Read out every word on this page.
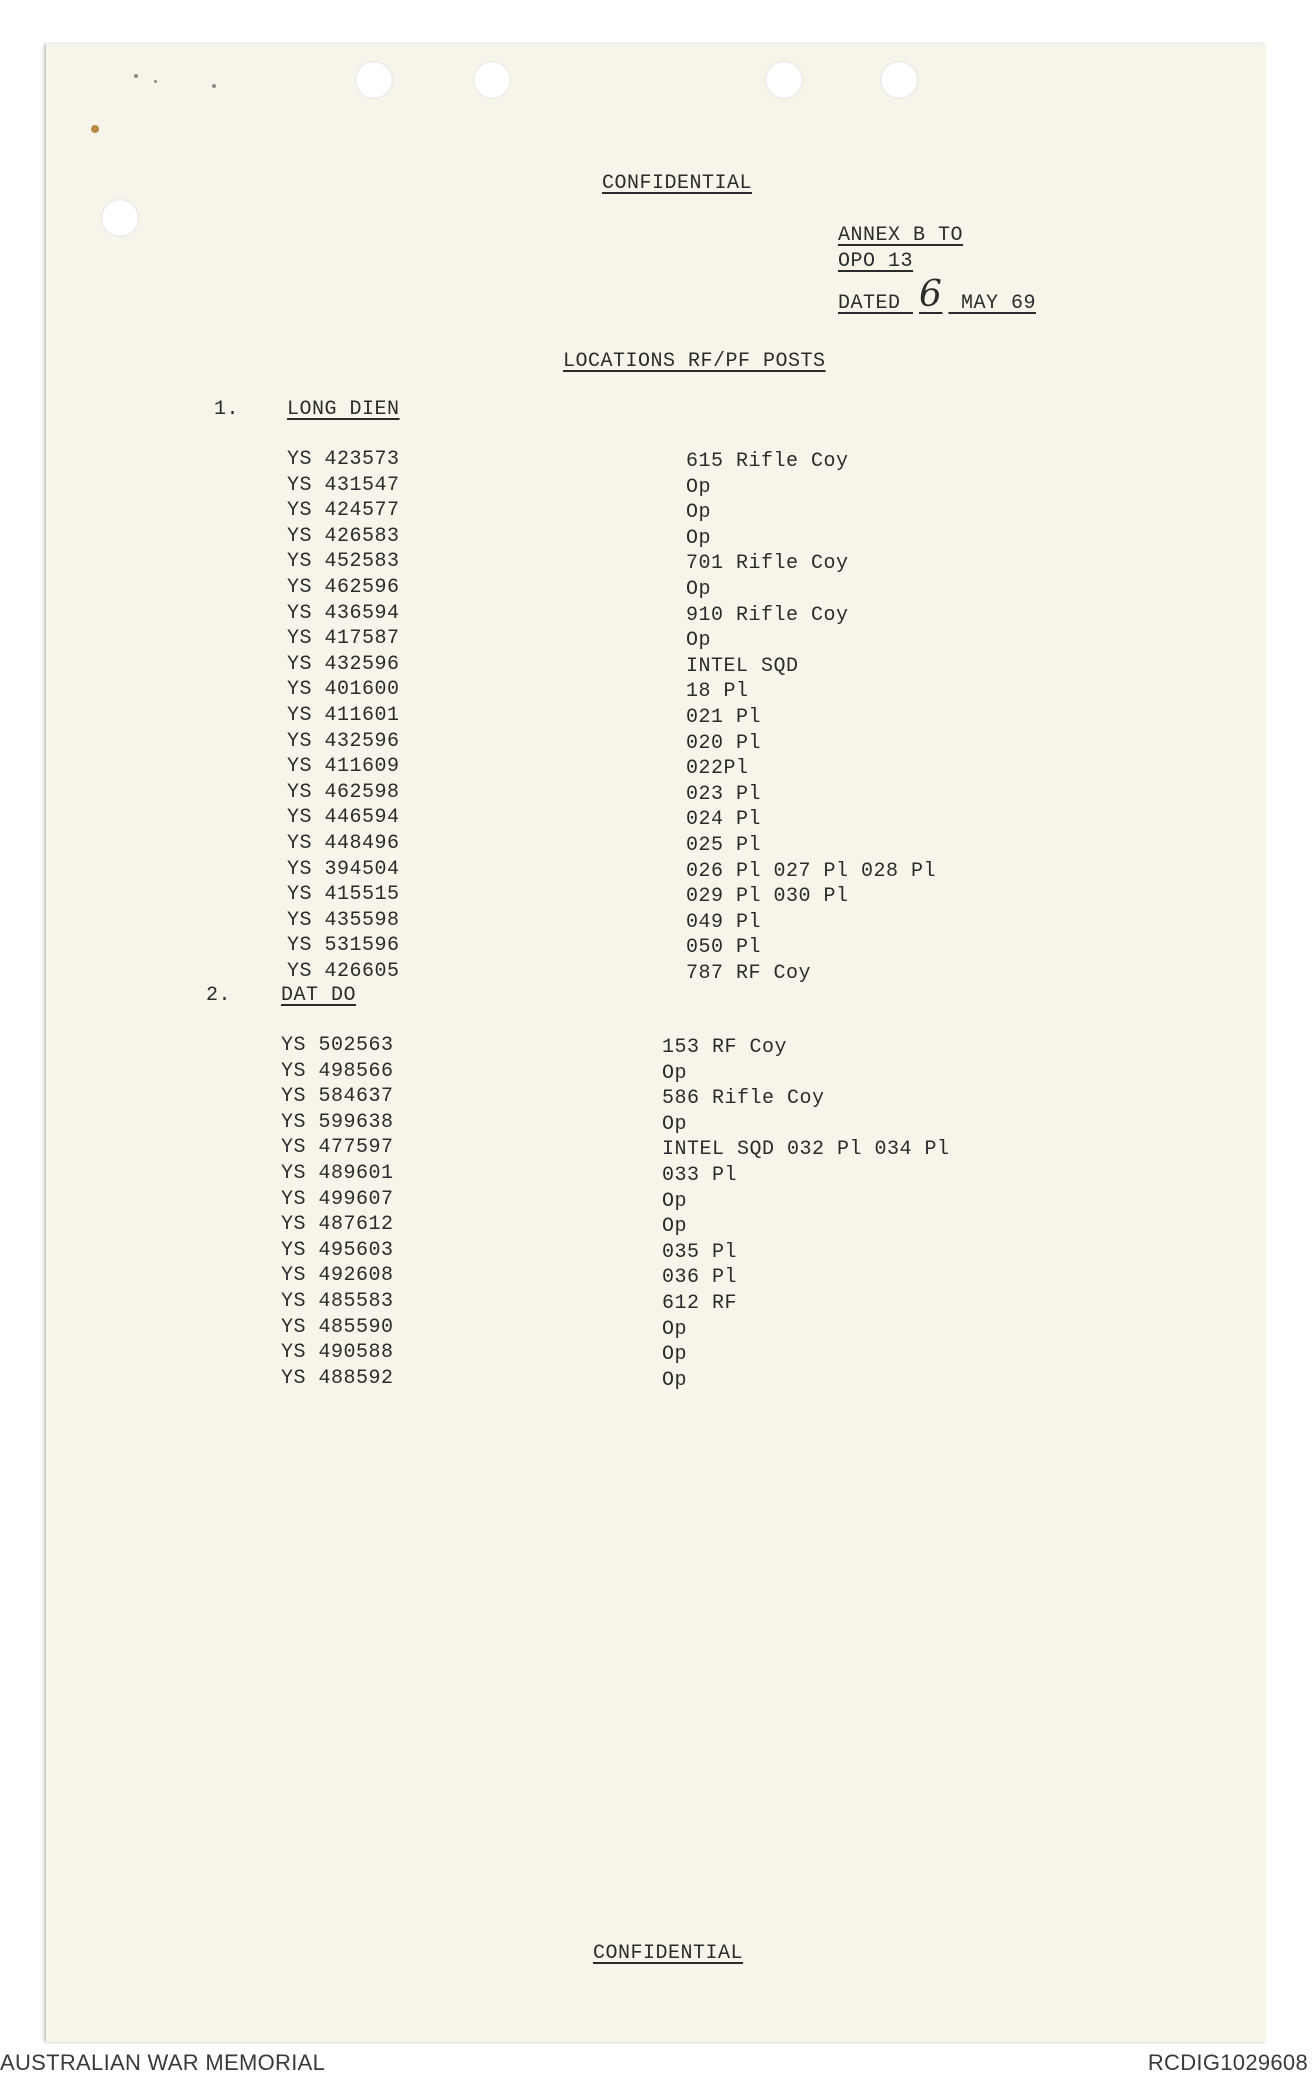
CONFIDENTIAL
ANNEX B TO
OPO 13
DATED 6 MAY 69
LOCATIONS RF/PF POSTS
1. LONG DIEN
YS 423573	615 Rifle Coy
YS 431547	Op
YS 424577	Op
YS 426583	Op
YS 452583	701 Rifle Coy
YS 462596	Op
YS 436594	910 Rifle Coy
YS 417587	Op
YS 432596	INTEL SQD
YS 401600	18 Pl
YS 411601	021 Pl
YS 432596	020 Pl
YS 411609	022Pl
YS 462598	023 Pl
YS 446594	024 Pl
YS 448496	025 Pl
YS 394504	026 Pl 027 Pl 028 Pl
YS 415515	029 Pl 030 Pl
YS 435598	049 Pl
YS 531596	050 Pl
YS 426605	787 RF Coy
2. DAT DO
YS 502563	153 RF Coy
YS 498566	Op
YS 584637	586 Rifle Coy
YS 599638	Op
YS 477597	INTEL SQD 032 Pl 034 Pl
YS 489601	033 Pl
YS 499607	Op
YS 487612	Op
YS 495603	035 Pl
YS 492608	036 Pl
YS 485583	612 RF
YS 485590	Op
YS 490588	Op
YS 488592	Op
CONFIDENTIAL
AUSTRALIAN WAR MEMORIAL	RCDIG1029608
